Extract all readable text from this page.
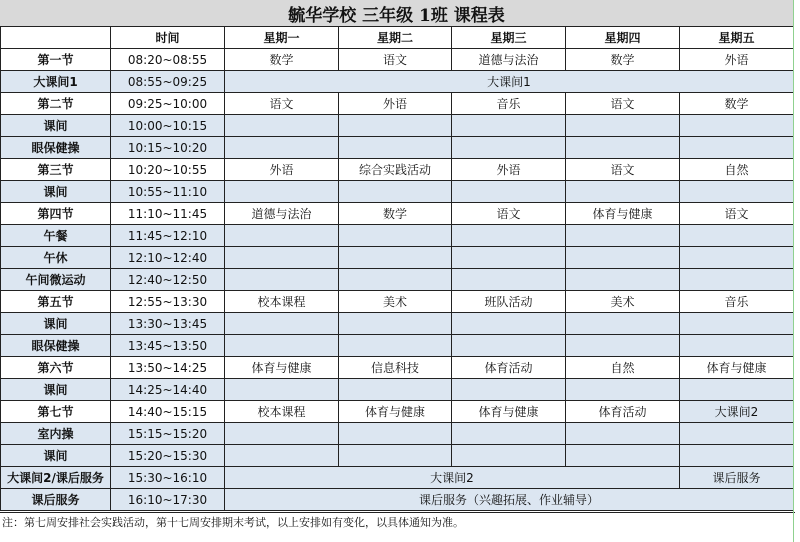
毓华学校 三年级 1班 课程表
	时间	星期一	星期二	星期三	星期四	星期五
第一节	08:20~08:55	数学	语文	道德与法治	数学	外语
大课间1	08:55~09:25	大课间1				
第二节	09:25~10:00	语文	外语	音乐	语文	数学
课间	10:00~10:15					
眼保健操	10:15~10:20					
第三节	10:20~10:55	外语	综合实践活动	外语	语文	自然
课间	10:55~11:10					
第四节	11:10~11:45	道德与法治	数学	语文	体育与健康	语文
午餐	11:45~12:10					
午休	12:10~12:40					
午间微运动	12:40~12:50					
第五节	12:55~13:30	校本课程	美术	班队活动	美术	音乐
课间	13:30~13:45					
眼保健操	13:45~13:50					
第六节	13:50~14:25	体育与健康	信息科技	体育活动	自然	体育与健康
课间	14:25~14:40					
第七节	14:40~15:15	校本课程	体育与健康	体育与健康	体育活动	大课间2
室内操	15:15~15:20					
课间	15:20~15:30					
大课间2/课后服务	15:30~16:10	大课间2				课后服务
课后服务	16:10~17:30	课后服务（兴趣拓展、作业辅导）				
注：第七周安排社会实践活动，第十七周安排期末考试，以上安排如有变化，以具体通知为准。
